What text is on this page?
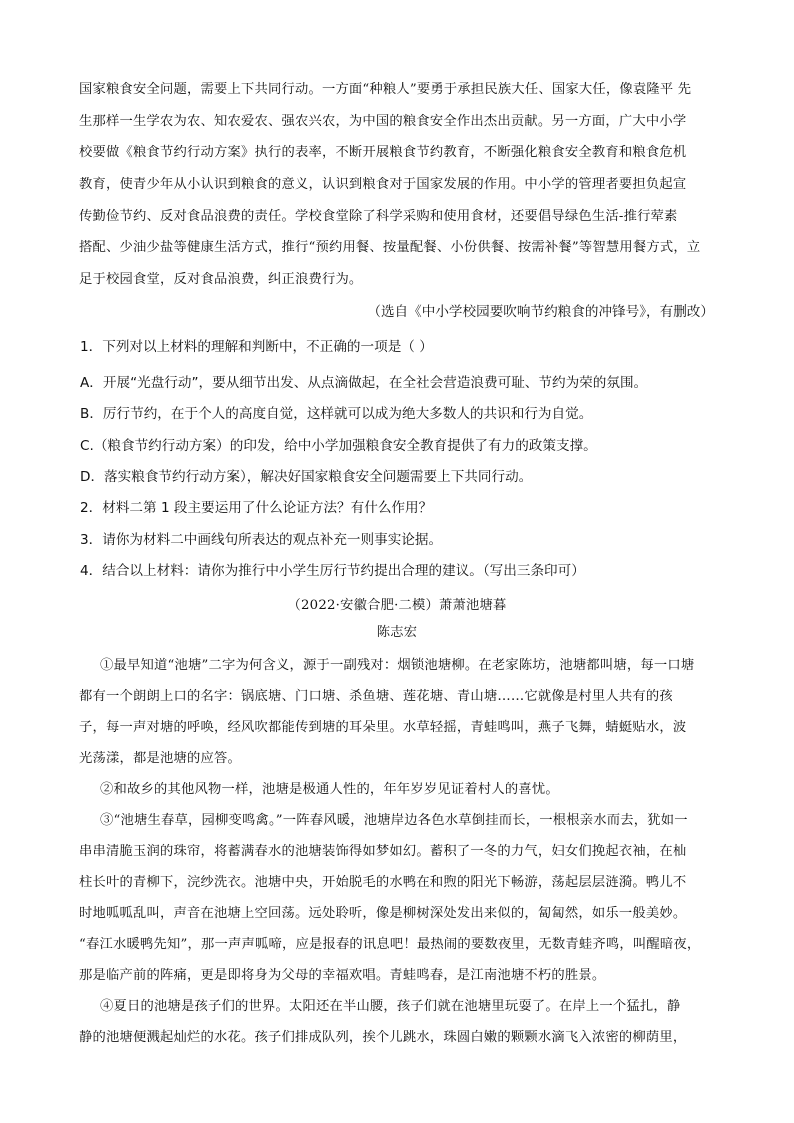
国家粮食安全问题，需要上下共同行动。一方面“种粮人”要勇于承担民族大任、国家大任，像袁隆平 先
生那样一生学农为农、知农爱农、强农兴农，为中国的粮食安全作出杰出贡献。另一方面，广大中小学
校要做《粮食节约行动方案》执行的表率，不断开展粮食节约教育，不断强化粮食安全教育和粮食危机
教育，使青少年从小认识到粮食的意义，认识到粮食对于国家发展的作用。中小学的管理者要担负起宣
传勤俭节约、反对食品浪费的责任。学校食堂除了科学采购和使用食材，还要倡导绿色生活-推行荤素
搭配、少油少盐等健康生活方式，推行“预约用餐、按量配餐、小份供餐、按需补餐”等智慧用餐方式，立
足于校园食堂，反对食品浪费，纠正浪费行为。
（选自《中小学校园要吹响节约粮食的冲锋号》，有删改）
1．下列对以上材料的理解和判断中，不正确的一项是（ ）
A．开展“光盘行动”，要从细节出发、从点滴做起，在全社会营造浪费可耻、节约为荣的氛围。
B．厉行节约，在于个人的高度自觉，这样就可以成为绝大多数人的共识和行为自觉。
C.（粮食节约行动方案）的印发，给中小学加强粮食安全教育提供了有力的政策支撑。
D．落实粮食节约行动方案），解决好国家粮食安全问题需要上下共同行动。
2．材料二第 1 段主要运用了什么论证方法？有什么作用？
3．请你为材料二中画线句所表达的观点补充一则事实论据。
4．结合以上材料：请你为推行中小学生厉行节约提出合理的建议。（写出三条印可）
（2022·安徽合肥·二模）萧萧池塘暮
陈志宏
①最早知道“池塘”二字为何含义，源于一副残对：烟锁池塘柳。在老家陈坊，池塘都叫塘，每一口塘
都有一个朗朗上口的名字：锅底塘、门口塘、杀鱼塘、莲花塘、青山塘……它就像是村里人共有的孩
子，每一声对塘的呼唤，经风吹都能传到塘的耳朵里。水草轻摇，青蛙鸣叫，燕子飞舞，蜻蜓贴水，波
光荡漾，都是池塘的应答。
②和故乡的其他风物一样，池塘是极通人性的，年年岁岁见证着村人的喜忧。
③“池塘生春草，园柳变鸣禽。”一阵春风暖，池塘岸边各色水草倒挂而长，一根根亲水而去，犹如一
串串清脆玉润的珠帘，将蓄满春水的池塘装饰得如梦如幻。蓄积了一冬的力气，妇女们挽起衣袖，在杣
柱长叶的青柳下，浣纱洗衣。池塘中央，开始脱毛的水鸭在和煦的阳光下畅游，荡起层层涟漪。鸭儿不
时地呱呱乱叫，声音在池塘上空回荡。远处聆听，像是柳树深处发出来似的，匐匐然，如乐一般美妙。
“春江水暖鸭先知”，那一声声呱啼，应是报春的讯息吧！最热闹的要数夜里，无数青蛙齐鸣，叫醒暗夜，
那是临产前的阵痛，更是即将身为父母的幸福欢唱。青蛙鸣春，是江南池塘不朽的胜景。
④夏日的池塘是孩子们的世界。太阳还在半山腰，孩子们就在池塘里玩耍了。在岸上一个猛扎，静
静的池塘便溅起灿烂的水花。孩子们排成队列，挨个儿跳水，珠圆白嫩的颗颗水滴飞入浓密的柳荫里，
